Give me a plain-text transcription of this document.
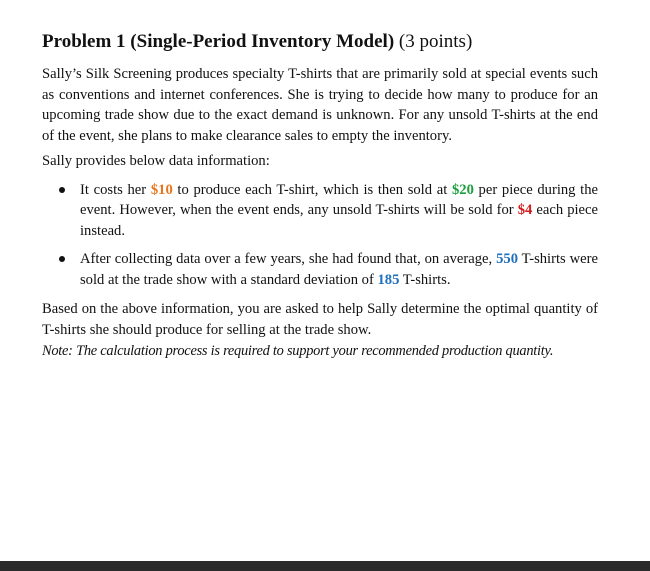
Problem 1 (Single-Period Inventory Model) (3 points)

Sally’s Silk Screening produces specialty T-shirts that are primarily sold at special events such as conventions and internet conferences. She is trying to decide how many to produce for an upcoming trade show due to the exact demand is unknown. For any unsold T-shirts at the end of the event, she plans to make clearance sales to empty the inventory.

Sally provides below data information:

It costs her $10 to produce each T-shirt, which is then sold at $20 per piece during the event. However, when the event ends, any unsold T-shirts will be sold for $4 each piece instead.
After collecting data over a few years, she had found that, on average, 550 T-shirts were sold at the trade show with a standard deviation of 185 T-shirts.

Based on the above information, you are asked to help Sally determine the optimal quantity of T-shirts she should produce for selling at the trade show.

Note: The calculation process is required to support your recommended production quantity.
